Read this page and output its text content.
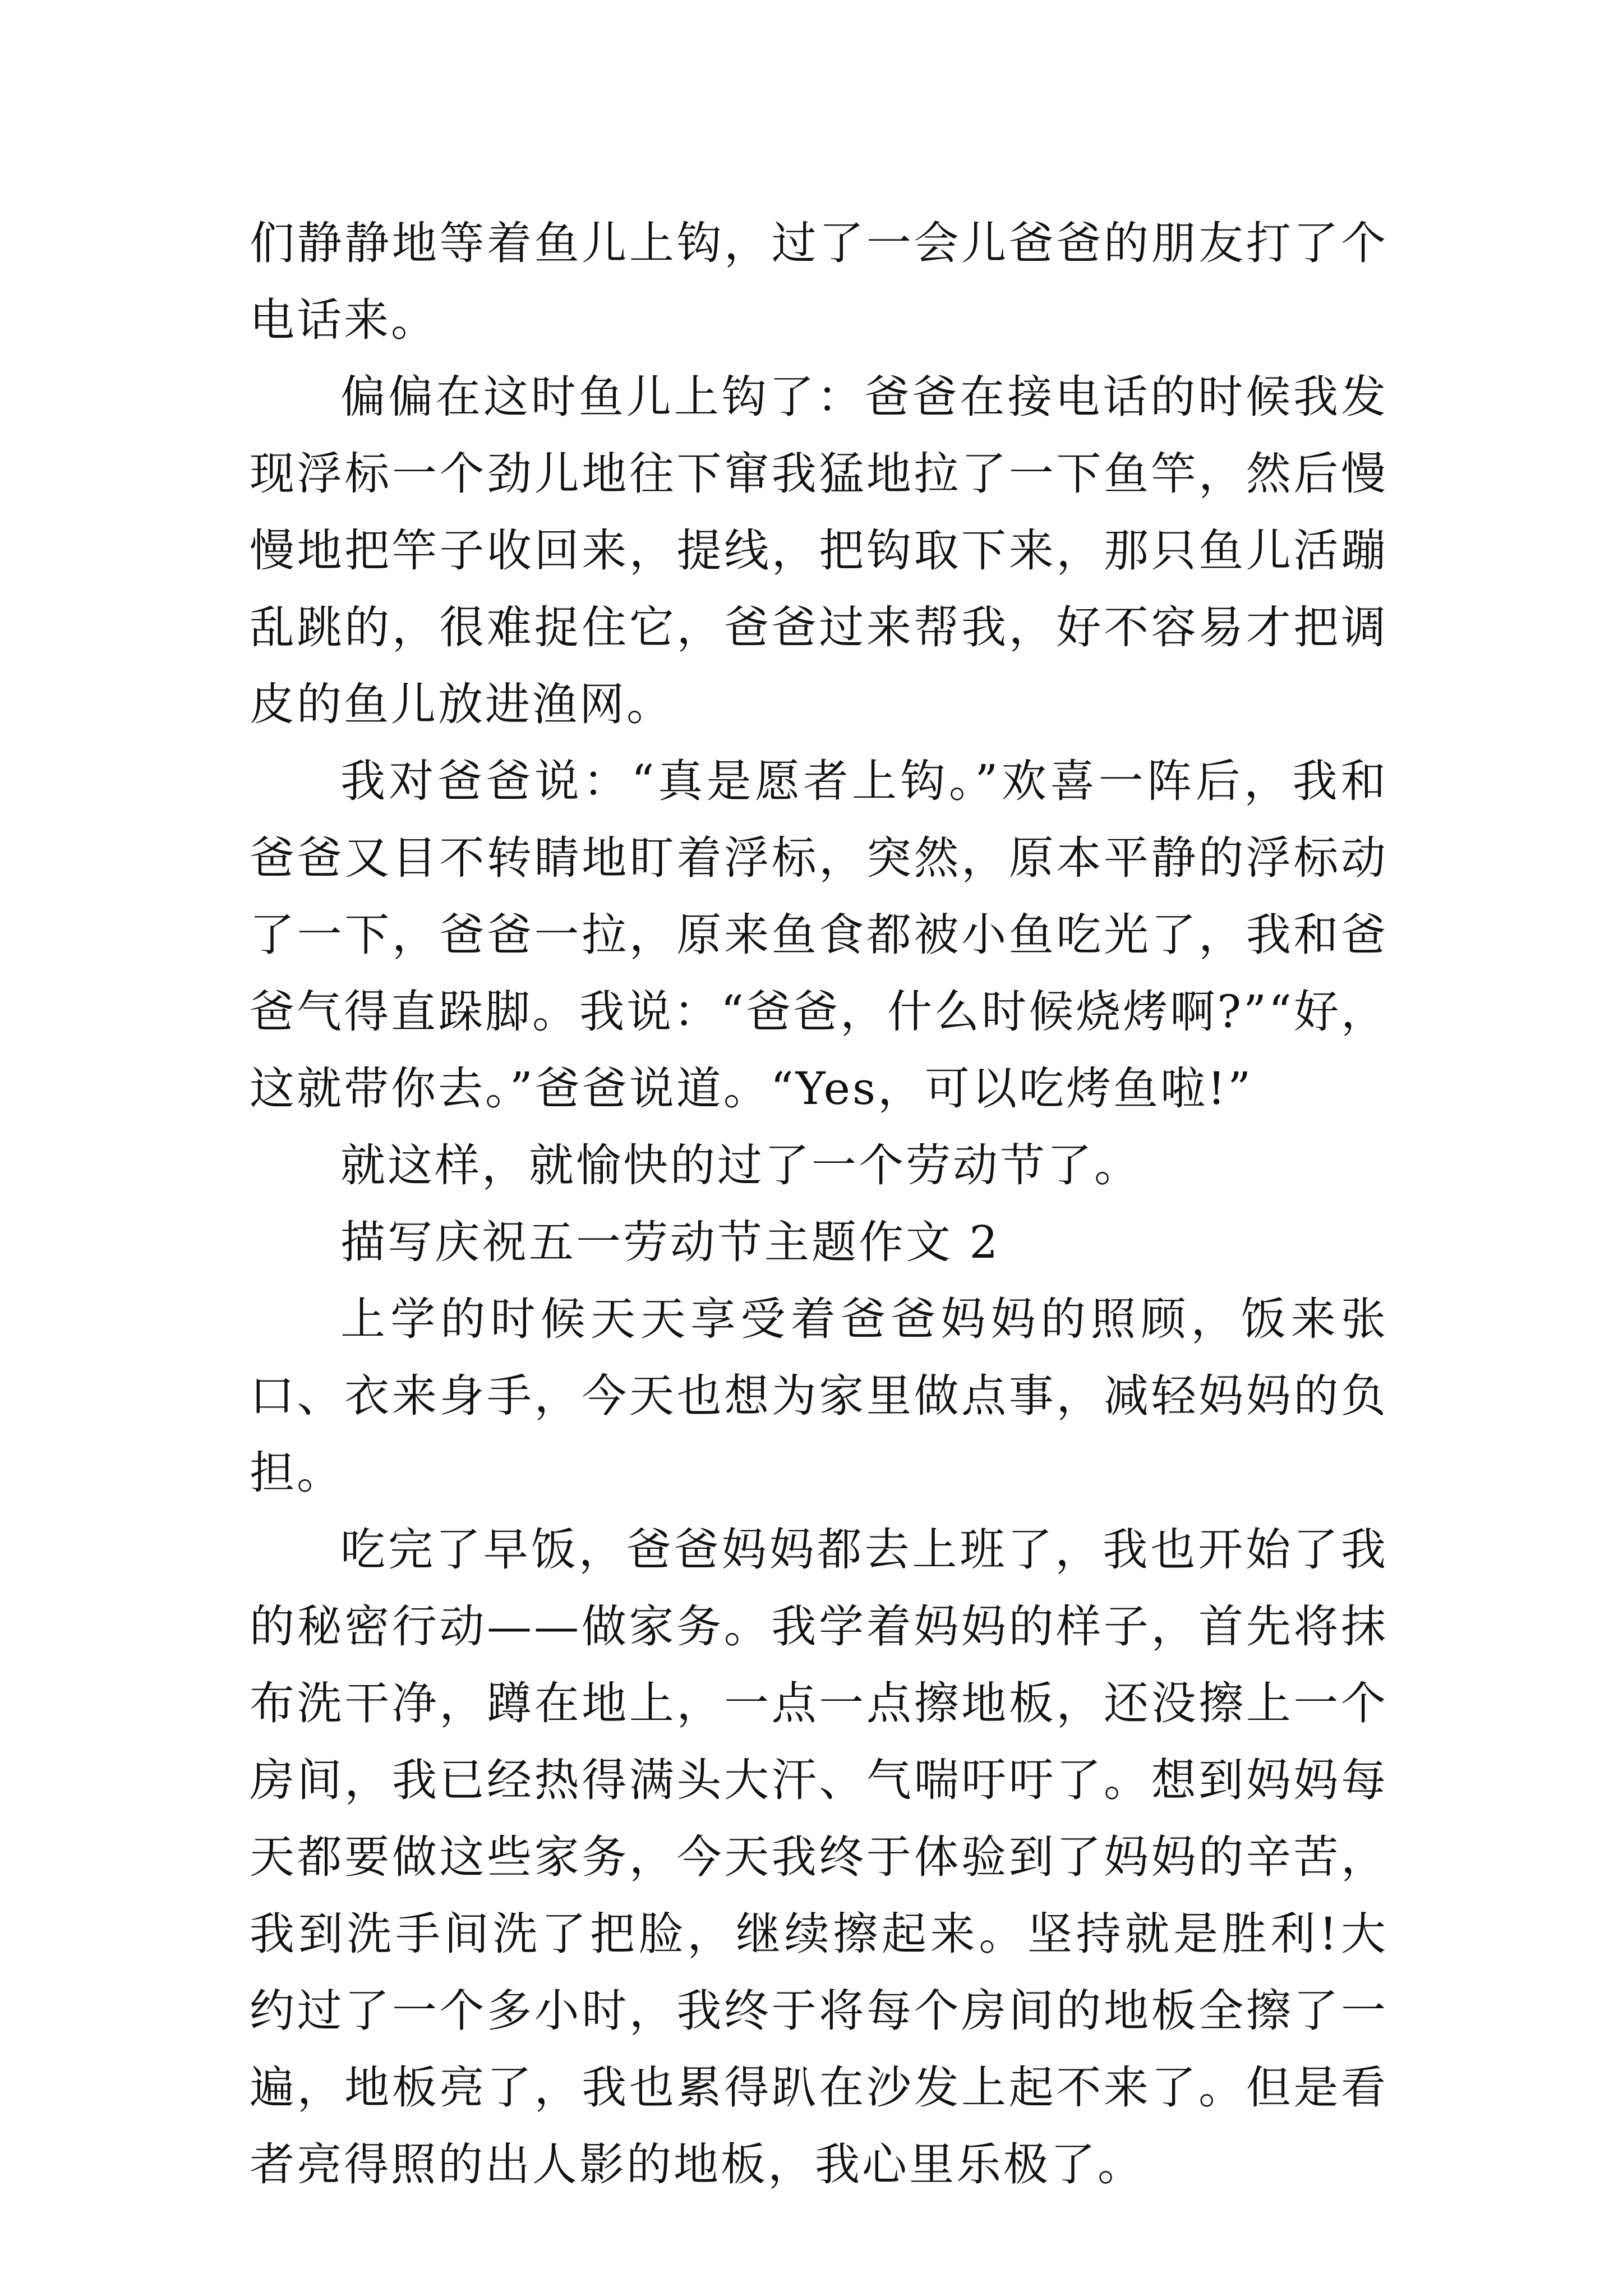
们静静地等着鱼儿上钩，过了一会儿爸爸的朋友打了个电话来。

偏偏在这时鱼儿上钩了：爸爸在接电话的时候我发现浮标一个劲儿地往下窜我猛地拉了一下鱼竿，然后慢慢地把竿子收回来，提线，把钩取下来，那只鱼儿活蹦乱跳的，很难捉住它，爸爸过来帮我，好不容易才把调皮的鱼儿放进渔网。

我对爸爸说：“真是愿者上钩。”欢喜一阵后，我和爸爸又目不转睛地盯着浮标，突然，原本平静的浮标动了一下，爸爸一拉，原来鱼食都被小鱼吃光了，我和爸爸气得直跺脚。我说：“爸爸，什么时候烧烤啊?”“好，这就带你去。”爸爸说道。“Yes，可以吃烤鱼啦!”

就这样，就愉快的过了一个劳动节了。

描写庆祝五一劳动节主题作文 2

上学的时候天天享受着爸爸妈妈的照顾，饭来张口、衣来身手，今天也想为家里做点事，减轻妈妈的负担。

吃完了早饭，爸爸妈妈都去上班了，我也开始了我的秘密行动——做家务。我学着妈妈的样子，首先将抹布洗干净，蹲在地上，一点一点擦地板，还没擦上一个房间，我已经热得满头大汗、气喘吁吁了。想到妈妈每天都要做这些家务，今天我终于体验到了妈妈的辛苦，我到洗手间洗了把脸，继续擦起来。坚持就是胜利!大约过了一个多小时，我终于将每个房间的地板全擦了一遍，地板亮了，我也累得趴在沙发上起不来了。但是看者亮得照的出人影的地板，我心里乐极了。
